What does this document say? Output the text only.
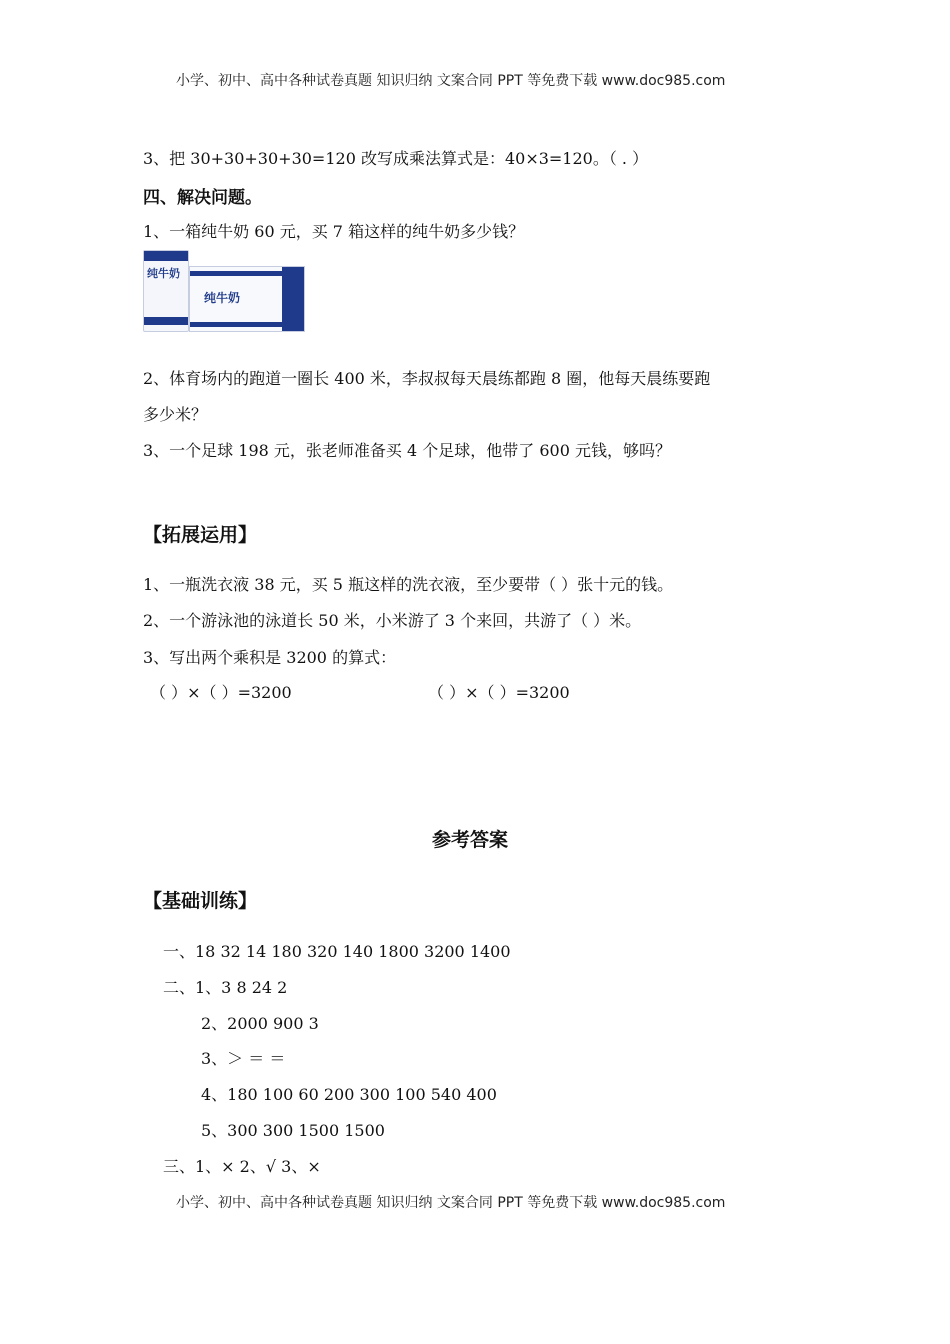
小学、初中、高中各种试卷真题 知识归纳 文案合同 PPT 等免费下载 www.doc985.com
3、把 30+30+30+30=120 改写成乘法算式是：40×3=120。（ . ）
四、解决问题。
1、一箱纯牛奶 60 元，买 7 箱这样的纯牛奶多少钱？
纯牛奶
纯牛奶
2、体育场内的跑道一圈长 400 米，李叔叔每天晨练都跑 8 圈，他每天晨练要跑
多少米？
3、一个足球 198 元，张老师准备买 4 个足球，他带了 600 元钱，够吗？
【拓展运用】
1、一瓶洗衣液 38 元，买 5 瓶这样的洗衣液，至少要带（ ）张十元的钱。
2、一个游泳池的泳道长 50 米，小米游了 3 个来回，共游了（ ）米。
3、写出两个乘积是 3200 的算式：
（ ）×（ ）=3200	（ ）×（ ）=3200
参考答案
【基础训练】
一、18 32 14 180 320 140 1800 3200 1400
二、1、3 8 24 2
2、2000 900 3
3、＞ ＝ ＝
4、180 100 60 200 300 100 540 400
5、300 300 1500 1500
三、1、× 2、√ 3、×
小学、初中、高中各种试卷真题 知识归纳 文案合同 PPT 等免费下载 www.doc985.com
